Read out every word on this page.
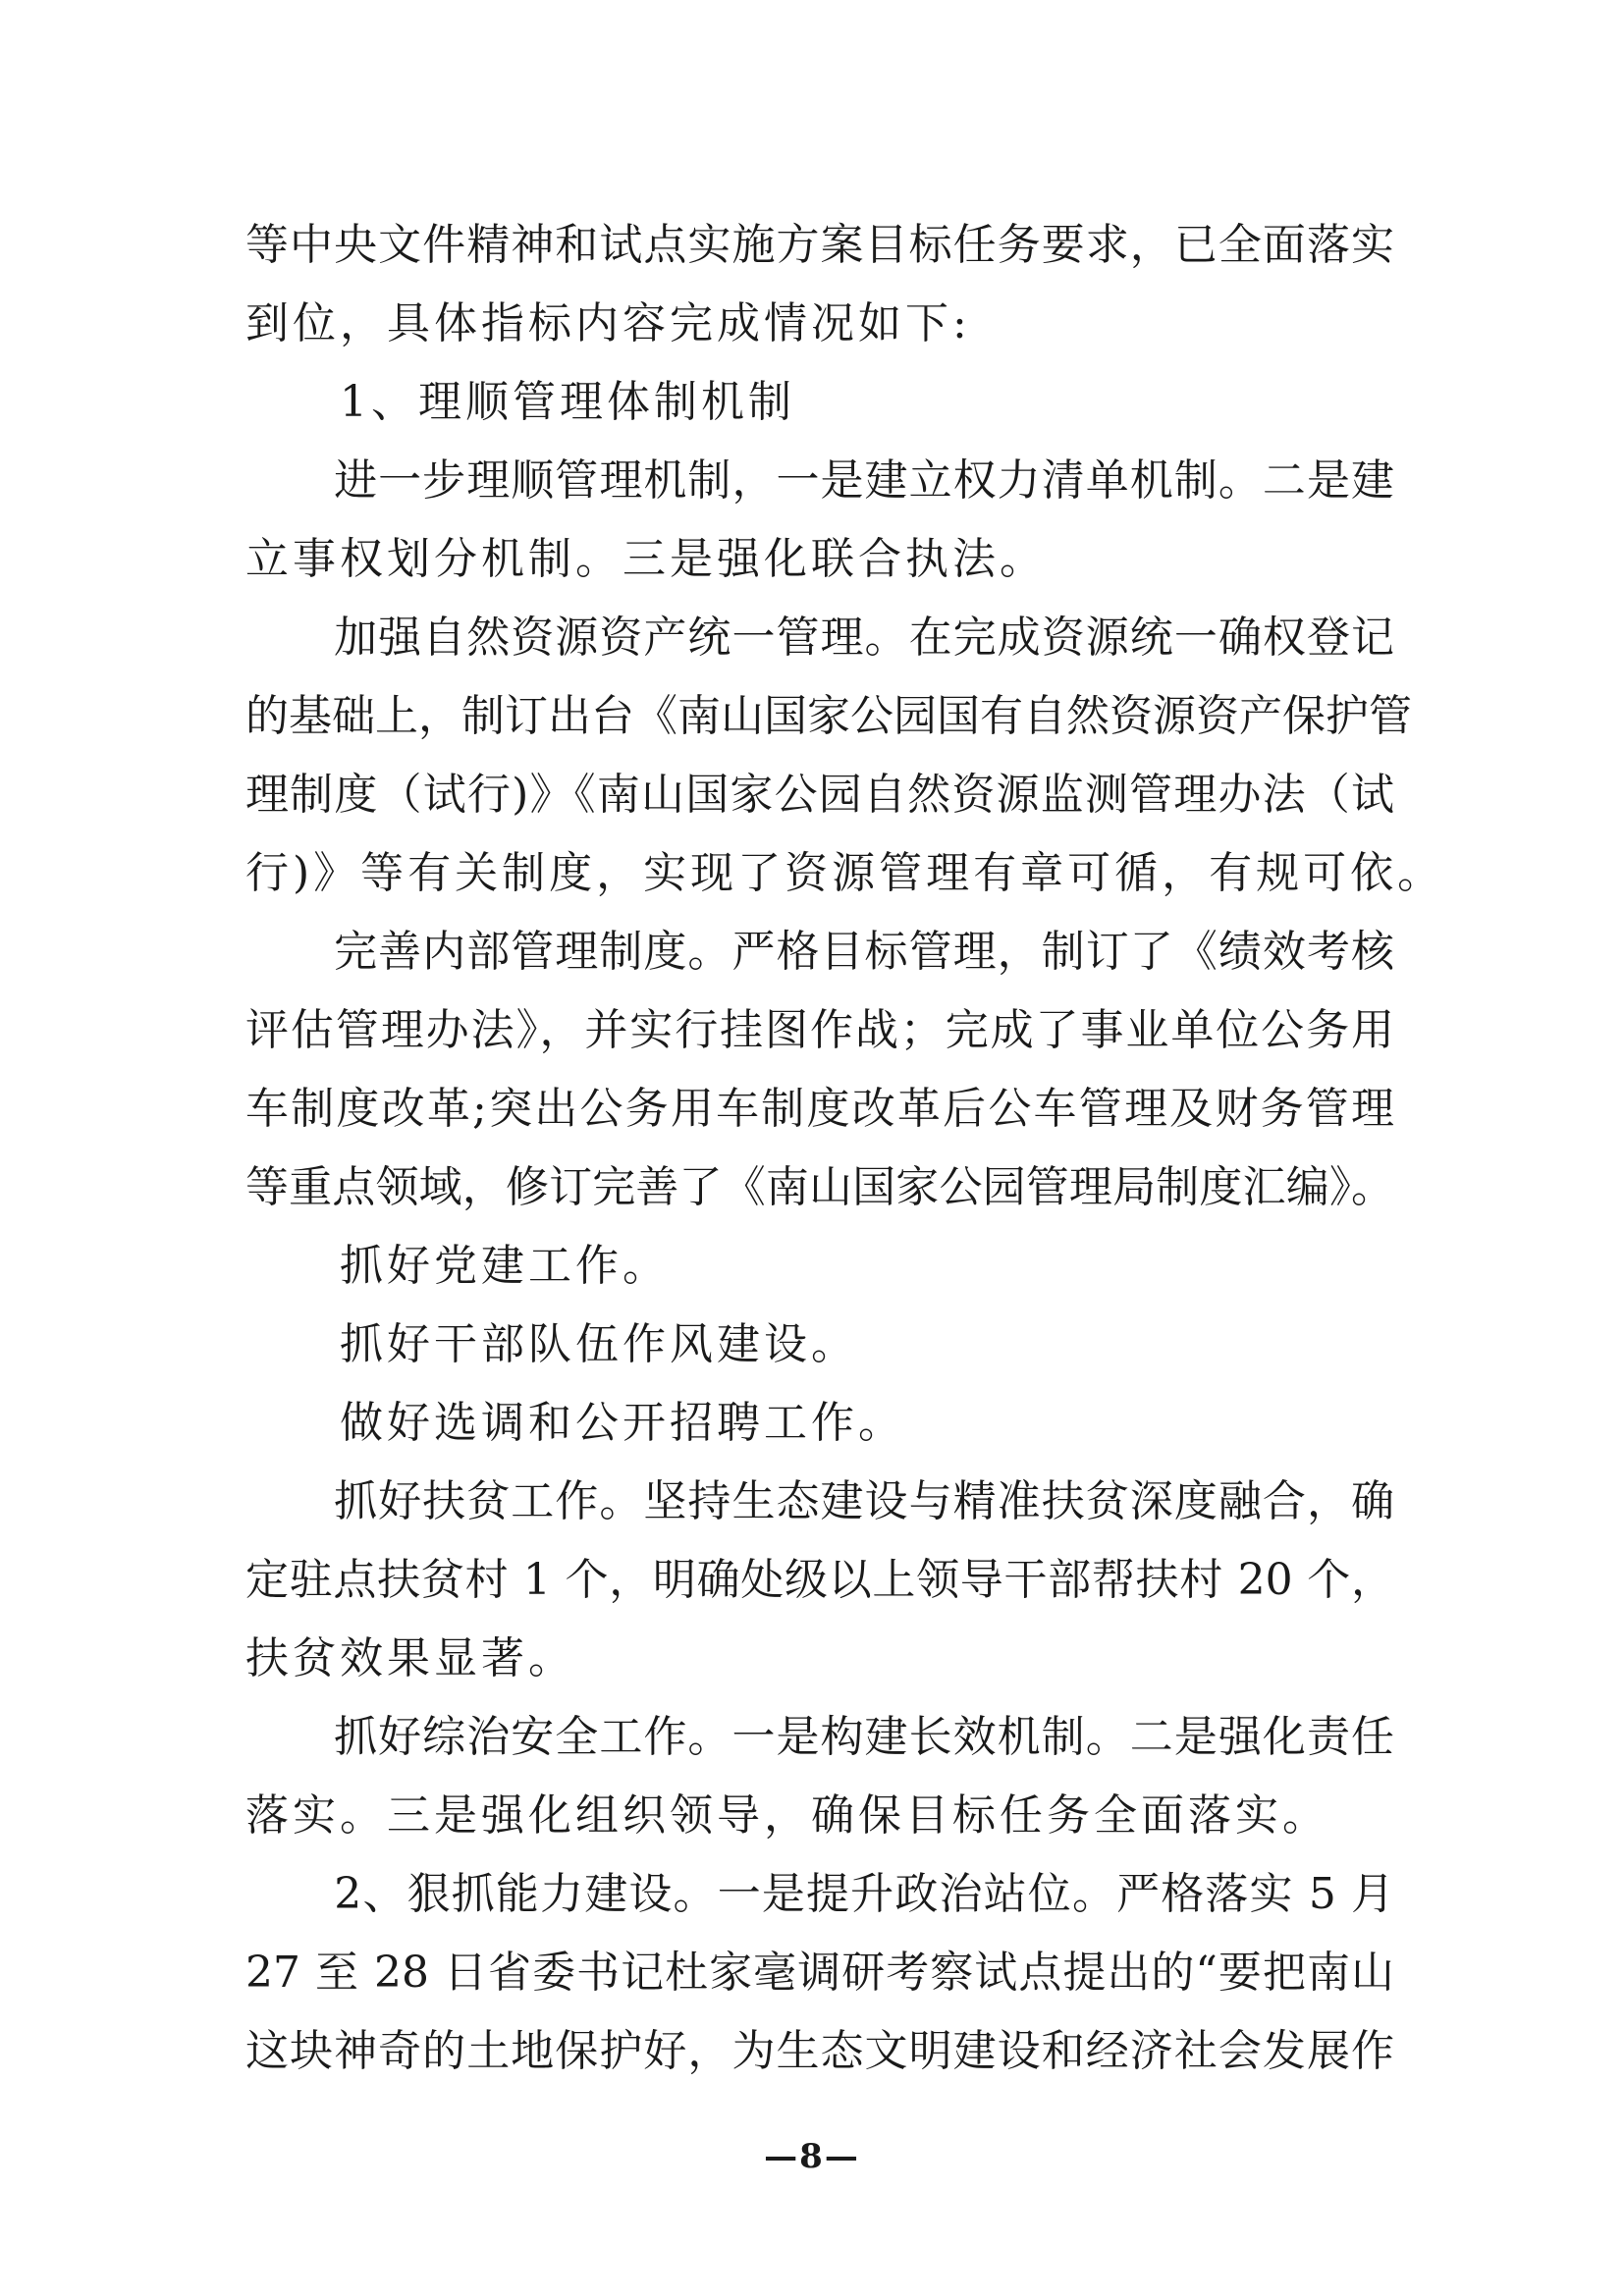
等中央文件精神和试点实施方案目标任务要求，已全面落实
到位，具体指标内容完成情况如下:
　　1、理顺管理体制机制
　　进一步理顺管理机制，一是建立权力清单机制。二是建
立事权划分机制。三是强化联合执法。
　　加强自然资源资产统一管理。在完成资源统一确权登记
的基础上，制订出台《南山国家公园国有自然资源资产保护管
理制度（试行)》《南山国家公园自然资源监测管理办法（试
行)》等有关制度，实现了资源管理有章可循，有规可依。
　　完善内部管理制度。严格目标管理，制订了《绩效考核
评估管理办法》，并实行挂图作战；完成了事业单位公务用
车制度改革;突出公务用车制度改革后公车管理及财务管理
等重点领域，修订完善了《南山国家公园管理局制度汇编》。
　　抓好党建工作。
　　抓好干部队伍作风建设。
　　做好选调和公开招聘工作。
　　抓好扶贫工作。坚持生态建设与精准扶贫深度融合，确
定驻点扶贫村 1 个，明确处级以上领导干部帮扶村 20 个，
扶贫效果显著。
　　抓好综治安全工作。一是构建长效机制。二是强化责任
落实。三是强化组织领导，确保目标任务全面落实。
　　2、狠抓能力建设。一是提升政治站位。严格落实 5 月
27 至 28 日省委书记杜家毫调研考察试点提出的“要把南山
这块神奇的土地保护好，为生态文明建设和经济社会发展作
—8—
